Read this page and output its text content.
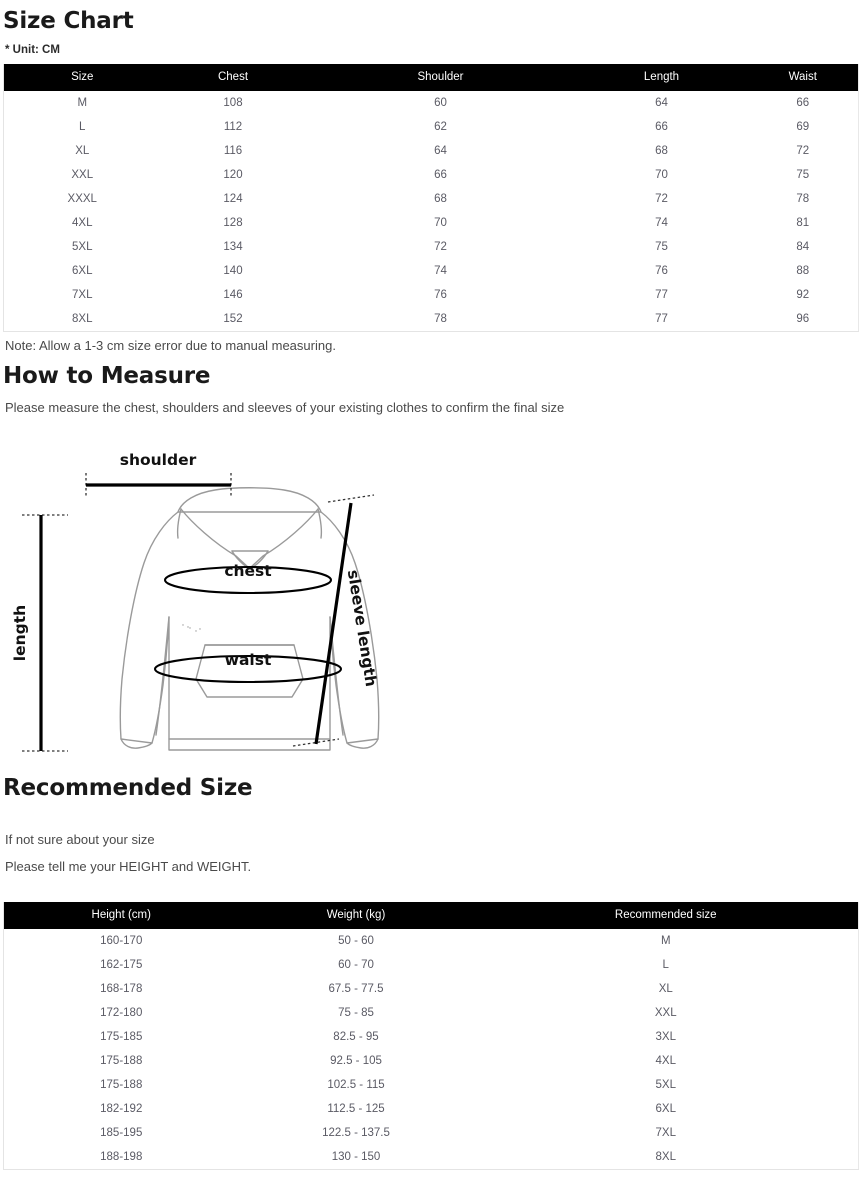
Size Chart

* Unit: CM

Size	Chest	Shoulder	Length	Waist
M	108	60	64	66
L	112	62	66	69
XL	116	64	68	72
XXL	120	66	70	75
XXXL	124	68	72	78
4XL	128	70	74	81
5XL	134	72	75	84
6XL	140	74	76	88
7XL	146	76	77	92
8XL	152	78	77	96

Note: Allow a 1-3 cm size error due to manual measuring.

How to Measure

Please measure the chest, shoulders and sleeves of your existing clothes to confirm the final size

shoulder
length	sleeve length
chest
waist
Recommended Size

If not sure about your size

Please tell me your HEIGHT and WEIGHT.

Height (cm)	Weight (kg)	Recommended size
160-170	50 - 60	M
162-175	60 - 70	L
168-178	67.5 - 77.5	XL
172-180	75 - 85	XXL
175-185	82.5 - 95	3XL
175-188	92.5 - 105	4XL
175-188	102.5 - 115	5XL
182-192	112.5 - 125	6XL
185-195	122.5 - 137.5	7XL
188-198	130 - 150	8XL
